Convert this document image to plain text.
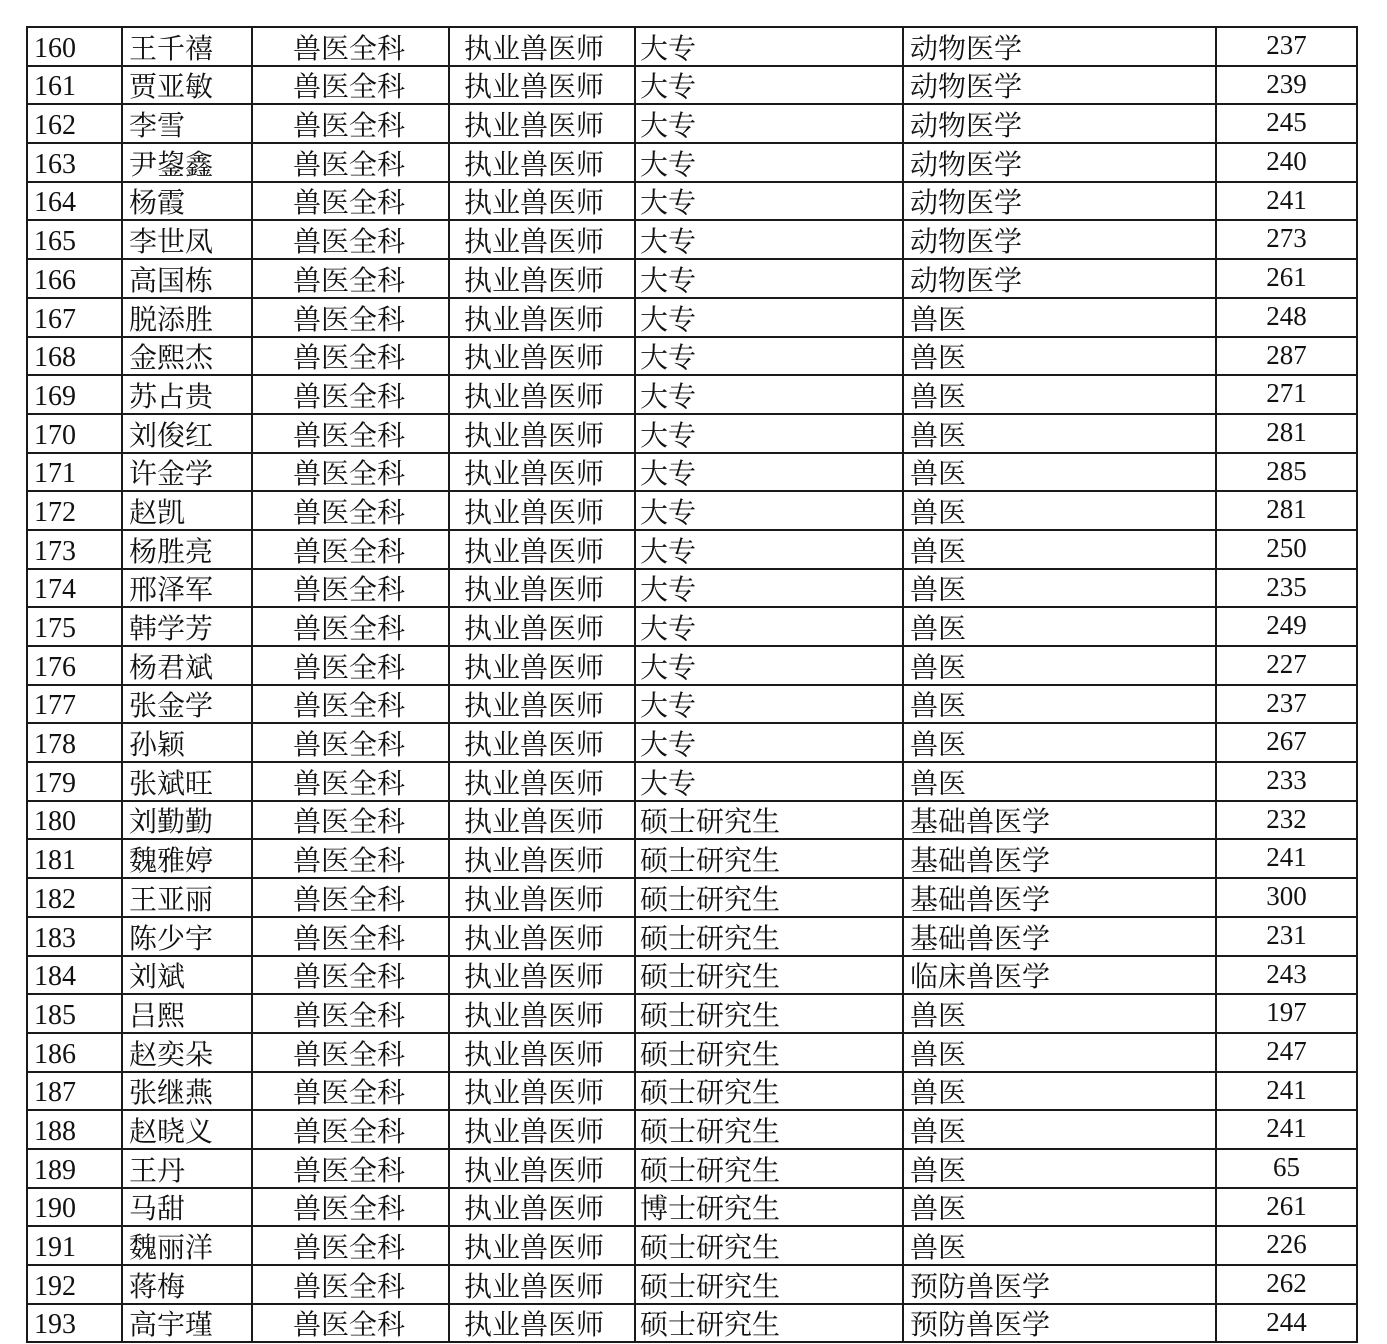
160	王千禧	兽医全科	执业兽医师	大专	动物医学	237
161	贾亚敏	兽医全科	执业兽医师	大专	动物医学	239
162	李雪	兽医全科	执业兽医师	大专	动物医学	245
163	尹鋆鑫	兽医全科	执业兽医师	大专	动物医学	240
164	杨霞	兽医全科	执业兽医师	大专	动物医学	241
165	李世凤	兽医全科	执业兽医师	大专	动物医学	273
166	高国栋	兽医全科	执业兽医师	大专	动物医学	261
167	脱添胜	兽医全科	执业兽医师	大专	兽医	248
168	金熙杰	兽医全科	执业兽医师	大专	兽医	287
169	苏占贵	兽医全科	执业兽医师	大专	兽医	271
170	刘俊红	兽医全科	执业兽医师	大专	兽医	281
171	许金学	兽医全科	执业兽医师	大专	兽医	285
172	赵凯	兽医全科	执业兽医师	大专	兽医	281
173	杨胜亮	兽医全科	执业兽医师	大专	兽医	250
174	邢泽军	兽医全科	执业兽医师	大专	兽医	235
175	韩学芳	兽医全科	执业兽医师	大专	兽医	249
176	杨君斌	兽医全科	执业兽医师	大专	兽医	227
177	张金学	兽医全科	执业兽医师	大专	兽医	237
178	孙颖	兽医全科	执业兽医师	大专	兽医	267
179	张斌旺	兽医全科	执业兽医师	大专	兽医	233
180	刘勤勤	兽医全科	执业兽医师	硕士研究生	基础兽医学	232
181	魏雅婷	兽医全科	执业兽医师	硕士研究生	基础兽医学	241
182	王亚丽	兽医全科	执业兽医师	硕士研究生	基础兽医学	300
183	陈少宇	兽医全科	执业兽医师	硕士研究生	基础兽医学	231
184	刘斌	兽医全科	执业兽医师	硕士研究生	临床兽医学	243
185	吕熙	兽医全科	执业兽医师	硕士研究生	兽医	197
186	赵奕朵	兽医全科	执业兽医师	硕士研究生	兽医	247
187	张继燕	兽医全科	执业兽医师	硕士研究生	兽医	241
188	赵晓义	兽医全科	执业兽医师	硕士研究生	兽医	241
189	王丹	兽医全科	执业兽医师	硕士研究生	兽医	65
190	马甜	兽医全科	执业兽医师	博士研究生	兽医	261
191	魏丽洋	兽医全科	执业兽医师	硕士研究生	兽医	226
192	蒋梅	兽医全科	执业兽医师	硕士研究生	预防兽医学	262
193	高宇瑾	兽医全科	执业兽医师	硕士研究生	预防兽医学	244
